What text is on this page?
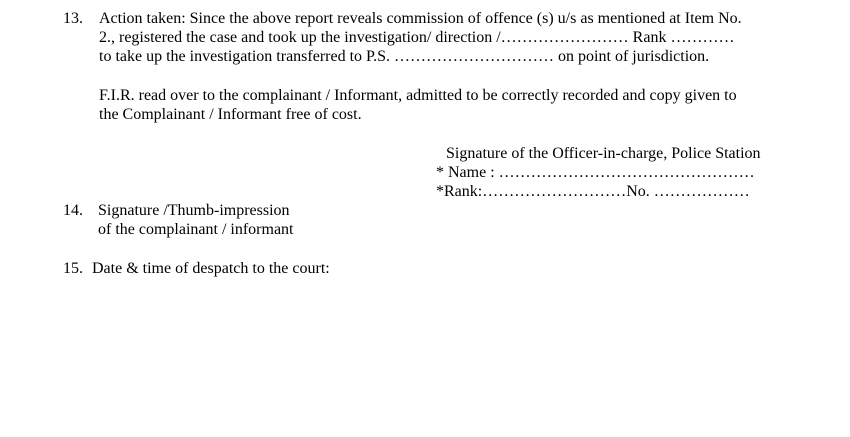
13. Action taken: Since the above report reveals commission of offence (s) u/s as mentioned at Item No.
2., registered the case and took up the investigation/ direction /…………………… Rank …………
to take up the investigation transferred to P.S. ………………………… on point of jurisdiction.
F.I.R. read over to the complainant / Informant, admitted to be correctly recorded and copy given to
the Complainant / Informant free of cost.
Signature of the Officer-in-charge, Police Station
* Name : …………………………………………
*Rank:………………………No. ………………
14. Signature /Thumb-impression
of the complainant / informant
15. Date & time of despatch to the court:
